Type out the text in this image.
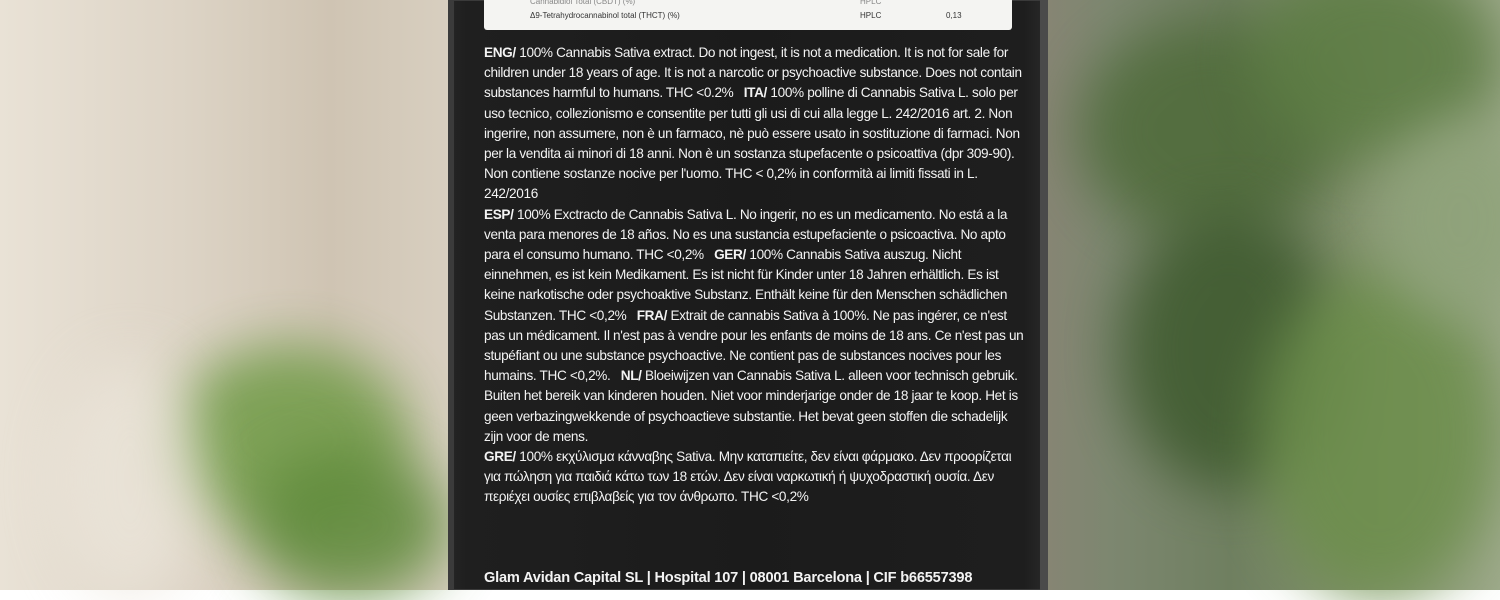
Cannabidiol Total (CBDT) (%)	HPLC
Δ9-Tetrahydrocannabinol total (THCT) (%)	HPLC	0,13
ENG/ 100% Cannabis Sativa extract. Do not ingest, it is not a medication. It is not for sale for children under 18 years of age. It is not a narcotic or psychoactive substance. Does not contain substances harmful to humans. THC <0.2% ITA/ 100% polline di Cannabis Sativa L. solo per uso tecnico, collezionismo e consentite per tutti gli usi di cui alla legge L. 242/2016 art. 2. Non ingerire, non assumere, non è un farmaco, nè può essere usato in sostituzione di farmaci. Non per la vendita ai minori di 18 anni. Non è un sostanza stupefacente o psicoattiva (dpr 309-90). Non contiene sostanze nocive per l'uomo. THC < 0,2% in conformità ai limiti fissati in L. 242/2016
ESP/ 100% Exctracto de Cannabis Sativa L. No ingerir, no es un medicamento. No está a la venta para menores de 18 años. No es una sustancia estupefaciente o psicoactiva. No apto para el consumo humano. THC <0,2% GER/ 100% Cannabis Sativa auszug. Nicht einnehmen, es ist kein Medikament. Es ist nicht für Kinder unter 18 Jahren erhältlich. Es ist keine narkotische oder psychoaktive Substanz. Enthält keine für den Menschen schädlichen Substanzen. THC <0,2% FRA/ Extrait de cannabis Sativa à 100%. Ne pas ingérer, ce n'est pas un médicament. Il n'est pas à vendre pour les enfants de moins de 18 ans. Ce n'est pas un stupéfiant ou une substance psychoactive. Ne contient pas de substances nocives pour les humains. THC <0,2%. NL/ Bloeiwijzen van Cannabis Sativa L. alleen voor technisch gebruik. Buiten het bereik van kinderen houden. Niet voor minderjarige onder de 18 jaar te koop. Het is geen verbazingwekkende of psychoactieve substantie. Het bevat geen stoffen die schadelijk zijn voor de mens.
GRE/ 100% εκχύλισμα κάνναβης Sativa. Μην καταπιείτε, δεν είναι φάρμακο. Δεν προορίζεται για πώληση για παιδιά κάτω των 18 ετών. Δεν είναι ναρκωτική ή ψυχοδραστική ουσία. Δεν περιέχει ουσίες επιβλαβείς για τον άνθρωπο. THC <0,2%
Glam Avidan Capital SL | Hospital 107 | 08001 Barcelona | CIF b66557398
